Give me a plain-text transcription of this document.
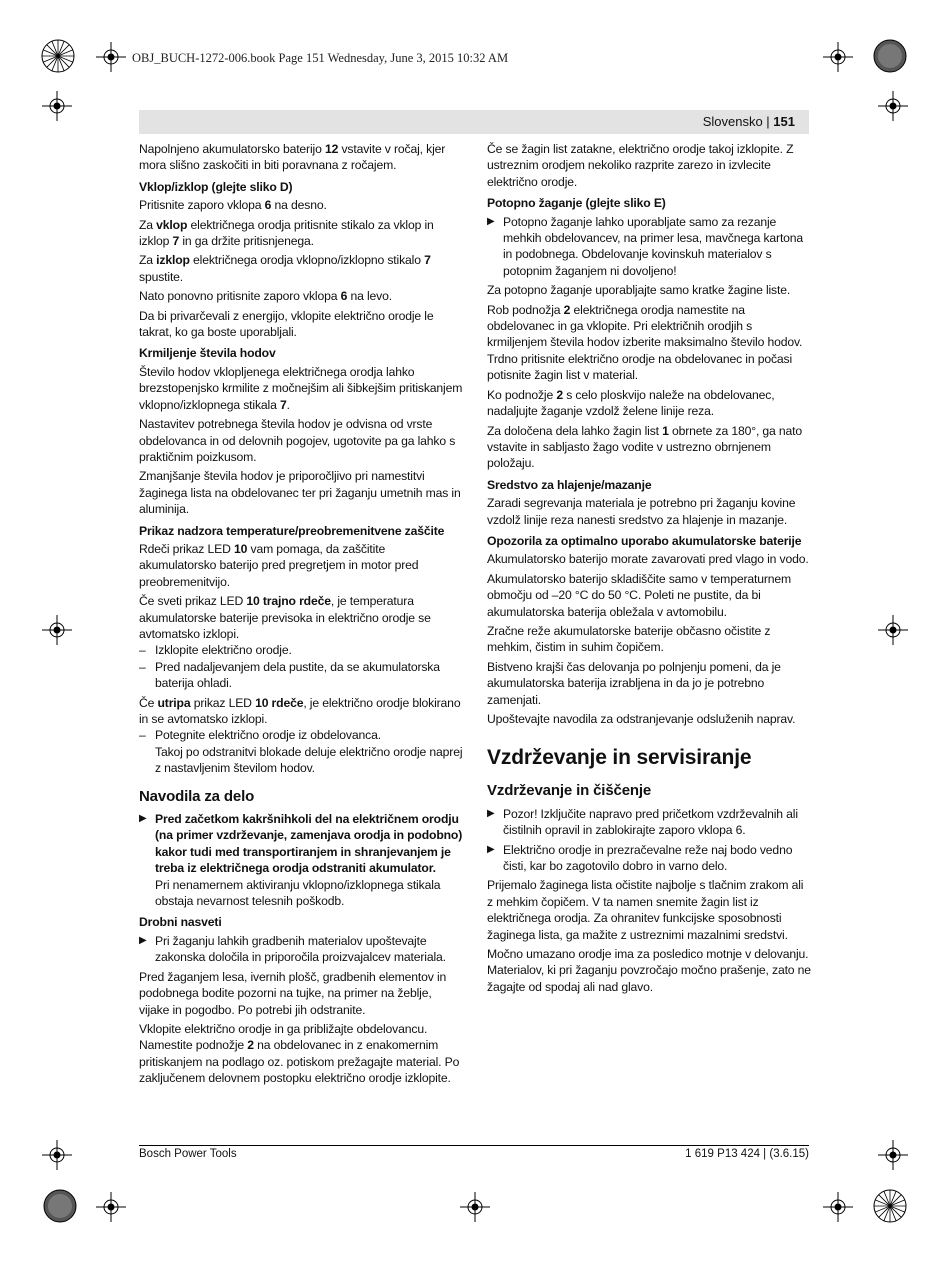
OBJ_BUCH-1272-006.book Page 151 Wednesday, June 3, 2015 10:32 AM
Slovensko | 151

Napolnjeno akumulatorsko baterijo 12 vstavite v ročaj, kjer mora slišno zaskočiti in biti poravnana z ročajem.

Vklop/izklop (glejte sliko D)

Pritisnite zaporo vklopa 6 na desno.

Za vklop električnega orodja pritisnite stikalo za vklop in izklop 7 in ga držite pritisnjenega.

Za izklop električnega orodja vklopno/izklopno stikalo 7 spustite.

Nato ponovno pritisnite zaporo vklopa 6 na levo.

Da bi privarčevali z energijo, vklopite električno orodje le takrat, ko ga boste uporabljali.

Krmiljenje števila hodov

Število hodov vklopljenega električnega orodja lahko brezstopenjsko krmilite z močnejšim ali šibkejšim pritiskanjem vklopno/izklopnega stikala 7.

Nastavitev potrebnega števila hodov je odvisna od vrste obdelovanca in od delovnih pogojev, ugotovite pa ga lahko s praktičnim poizkusom.

Zmanjšanje števila hodov je priporočljivo pri namestitvi žaginega lista na obdelovanec ter pri žaganju umetnih mas in aluminija.

Prikaz nadzora temperature/preobremenitvene zaščite

Rdeči prikaz LED 10 vam pomaga, da zaščitite akumulatorsko baterijo pred pregretjem in motor pred preobremenitvijo.

Če sveti prikaz LED 10 trajno rdeče, je temperatura akumulatorske baterije previsoka in električno orodje se avtomatsko izklopi.

– Izklopite električno orodje.
– Pred nadaljevanjem dela pustite, da se akumulatorska baterija ohladi.

Če utripa prikaz LED 10 rdeče, je električno orodje blokirano in se avtomatsko izklopi.

– Potegnite električno orodje iz obdelovanca.

Takoj po odstranitvi blokade deluje električno orodje naprej z nastavljenim številom hodov.

Navodila za delo
▶ Pred začetkom kakršnihkoli del na električnem orodju (na primer vzdrževanje, zamenjava orodja in podobno) kakor tudi med transportiranjem in shranjevanjem je treba iz električnega orodja odstraniti akumulator.
Pri nenamernem aktiviranju vklopno/izklopnega stikala obstaja nevarnost telesnih poškodb.
Drobni nasveti
▶ Pri žaganju lahkih gradbenih materialov upoštevajte zakonska določila in priporočila proizvajalcev materiala.

Pred žaganjem lesa, ivernih plošč, gradbenih elementov in podobnega bodite pozorni na tujke, na primer na žeblje, vijake in pogodbo. Po potrebi jih odstranite.

Vklopite električno orodje in ga približajte obdelovancu. Namestite podnožje 2 na obdelovanec in z enakomernim pritiskanjem na podlago oz. potiskom prežagajte material. Po zaključenem delovnem postopku električno orodje izklopite.

Če se žagin list zatakne, električno orodje takoj izklopite. Z ustreznim orodjem nekoliko razprite zarezo in izvlecite električno orodje.

Potopno žaganje (glejte sliko E)
▶ Potopno žaganje lahko uporabljate samo za rezanje mehkih obdelovancev, na primer lesa, mavčnega kartona in podobnega. Obdelovanje kovinskuh materialov s potopnim žaganjem ni dovoljeno!

Za potopno žaganje uporabljajte samo kratke žagine liste.

Rob podnožja 2 električnega orodja namestite na obdelovanec in ga vklopite. Pri električnih orodjih s krmiljenjem števila hodov izberite maksimalno število hodov. Trdno pritisnite električno orodje na obdelovanec in počasi potisnite žagin list v material.

Ko podnožje 2 s celo ploskvijo naleže na obdelovanec, nadaljujte žaganje vzdolž želene linije reza.

Za določena dela lahko žagin list 1 obrnete za 180°, ga nato vstavite in sabljasto žago vodite v ustrezno obrnjenem položaju.

Sredstvo za hlajenje/mazanje

Zaradi segrevanja materiala je potrebno pri žaganju kovine vzdolž linije reza nanesti sredstvo za hlajenje in mazanje.

Opozorila za optimalno uporabo akumulatorske baterije

Akumulatorsko baterijo morate zavarovati pred vlago in vodo.

Akumulatorsko baterijo skladiščite samo v temperaturnem območju od –20 °C do 50 °C. Poleti ne pustite, da bi akumulatorska baterija obležala v avtomobilu.

Zračne reže akumulatorske baterije občasno očistite z mehkim, čistim in suhim čopičem.

Bistveno krajši čas delovanja po polnjenju pomeni, da je akumulatorska baterija izrabljena in da jo je potrebno zamenjati.

Upoštevajte navodila za odstranjevanje odsluženih naprav.

Vzdrževanje in servisiranje
Vzdrževanje in čiščenje
▶ Pozor! Izključite napravo pred pričetkom vzdrževalnih ali čistilnih opravil in zablokirajte zaporo vklopa 6.
▶ Električno orodje in prezračevalne reže naj bodo vedno čisti, kar bo zagotovilo dobro in varno delo.

Prijemalo žaginega lista očistite najbolje s tlačnim zrakom ali z mehkim čopičem. V ta namen snemite žagin list iz električnega orodja. Za ohranitev funkcijske sposobnosti žaginega lista, ga mažite z ustreznimi mazalnimi sredstvi.

Močno umazano orodje ima za posledico motnje v delovanju. Materialov, ki pri žaganju povzročajo močno prašenje, zato ne žagajte od spodaj ali nad glavo.

Bosch Power Tools	1 619 P13 424 | (3.6.15)
